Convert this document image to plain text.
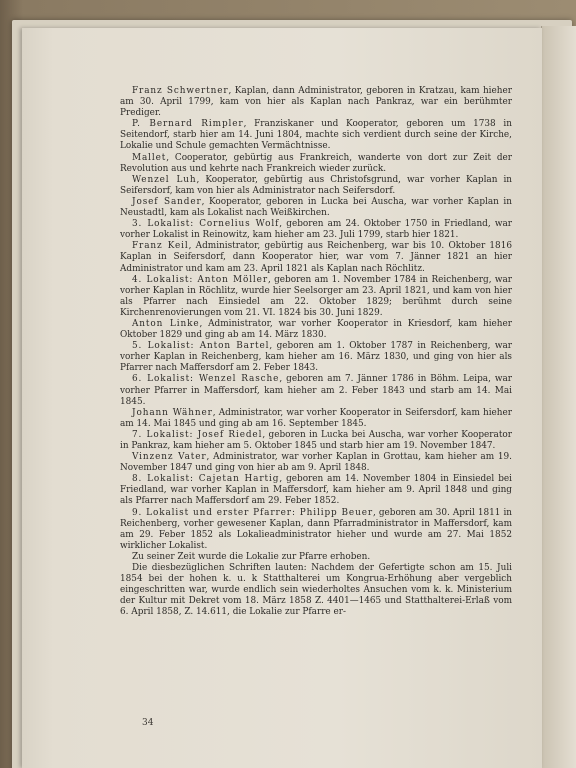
Franz Schwertner, Kaplan, dann Administrator, geboren in Kratzau, kam hieher am 30. April 1799, kam von hier als Kaplan nach Pankraz, war ein berühmter Prediger.

P. Bernard Rimpler, Franziskaner und Kooperator, geboren um 1738 in Seitendorf, starb hier am 14. Juni 1804, machte sich verdient durch seine der Kirche, Lokalie und Schule gemachten Vermächtnisse.

Mallet, Cooperator, gebürtig aus Frankreich, wanderte von dort zur Zeit der Revolution aus und kehrte nach Frankreich wieder zurück.

Wenzel Luh, Kooperator, gebürtig aus Christofsgrund, war vorher Kaplan in Seifersdorf, kam von hier als Administrator nach Seifersdorf.

Josef Sander, Kooperator, geboren in Lucka bei Auscha, war vorher Kaplan in Neustadtl, kam als Lokalist nach Weißkirchen.

3. Lokalist: Cornelius Wolf, geboren am 24. Oktober 1750 in Friedland, war vorher Lokalist in Reinowitz, kam hieher am 23. Juli 1799, starb hier 1821.

Franz Keil, Administrator, gebürtig aus Reichenberg, war bis 10. Oktober 1816 Kaplan in Seifersdorf, dann Kooperator hier, war vom 7. Jänner 1821 an hier Administrator und kam am 23. April 1821 als Kaplan nach Röchlitz.

4. Lokalist: Anton Möller, geboren am 1. November 1784 in Reichenberg, war vorher Kaplan in Röchlitz, wurde hier Seelsorger am 23. April 1821, und kam von hier als Pfarrer nach Einsiedel am 22. Oktober 1829; berühmt durch seine Kirchenrenovierungen vom 21. VI. 1824 bis 30. Juni 1829.

Anton Linke, Administrator, war vorher Kooperator in Kriesdorf, kam hieher Oktober 1829 und ging ab am 14. März 1830.

5. Lokalist: Anton Bartel, geboren am 1. Oktober 1787 in Reichenberg, war vorher Kaplan in Reichenberg, kam hieher am 16. März 1830, und ging von hier als Pfarrer nach Maffersdorf am 2. Feber 1843.

6. Lokalist: Wenzel Rasche, geboren am 7. Jänner 1786 in Böhm. Leipa, war vorher Pfarrer in Maffersdorf, kam hieher am 2. Feber 1843 und starb am 14. Mai 1845.

Johann Wähner, Administrator, war vorher Kooperator in Seifersdorf, kam hieher am 14. Mai 1845 und ging ab am 16. September 1845.

7. Lokalist: Josef Riedel, geboren in Lucka bei Auscha, war vorher Kooperator in Pankraz, kam hieher am 5. Oktober 1845 und starb hier am 19. November 1847.

Vinzenz Vater, Administrator, war vorher Kaplan in Grottau, kam hieher am 19. November 1847 und ging von hier ab am 9. April 1848.

8. Lokalist: Cajetan Hartig, geboren am 14. November 1804 in Einsiedel bei Friedland, war vorher Kaplan in Maffersdorf, kam hieher am 9. April 1848 und ging als Pfarrer nach Maffersdorf am 29. Feber 1852.

9. Lokalist und erster Pfarrer: Philipp Beuer, geboren am 30. April 1811 in Reichenberg, vorher gewesener Kaplan, dann Pfarradministrator in Maffersdorf, kam am 29. Feber 1852 als Lokalieadministrator hieher und wurde am 27. Mai 1852 wirklicher Lokalist.

Zu seiner Zeit wurde die Lokalie zur Pfarre erhoben.

Die diesbezüglichen Schriften lauten: Nachdem der Gefertigte schon am 15. Juli 1854 bei der hohen k. u. k Statthalterei um Kongrua-Erhöhung aber vergeblich eingeschritten war, wurde endlich sein wiederholtes Ansuchen vom k. k. Ministerium der Kultur mit Dekret vom 18. März 1858 Z. 4401—1465 und Statthalterei-Erlaß vom 6. April 1858, Z. 14.611, die Lokalie zur Pfarre er-

34
